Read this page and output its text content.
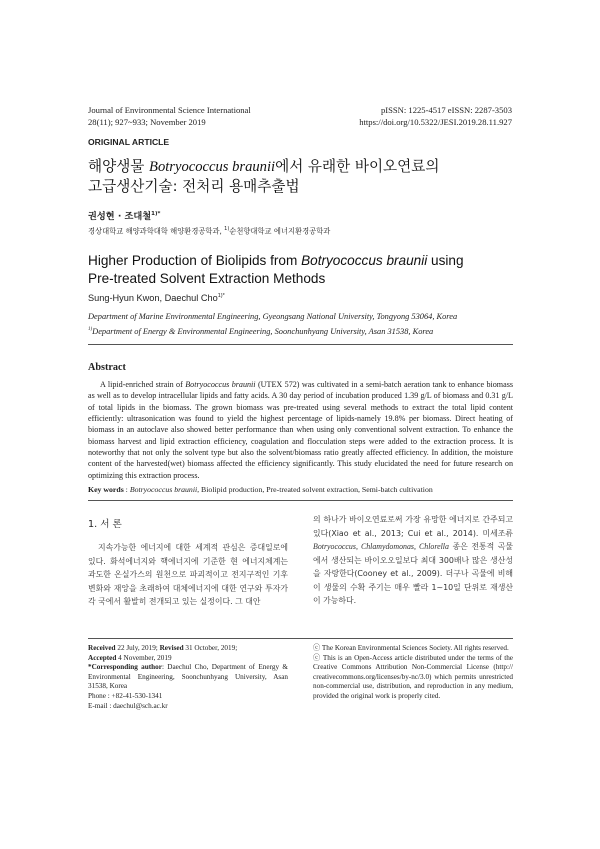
Journal of Environmental Science International
28(11); 927~933; November 2019
pISSN: 1225-4517 eISSN: 2287-3503
https://doi.org/10.5322/JESI.2019.28.11.927
ORIGINAL ARTICLE
해양생물 Botryococcus braunii에서 유래한 바이오연료의
고급생산기술: 전처리 용매추출법
권성현 · 조대철$^{1)*}$
경상대학교 해양과학대학 해양환경공학과, $^{1)}$순천향대학교 에너지환경공학과
Higher Production of Biolipids from Botryococcus braunii using
Pre-treated Solvent Extraction Methods
Sung-Hyun Kwon, Daechul Cho$^{1)*}$
Department of Marine Environmental Engineering, Gyeongsang National University, Tongyong 53064, Korea
$^{1)}$Department of Energy & Environmental Engineering, Soonchunhyang University, Asan 31538, Korea
Abstract
A lipid-enriched strain of Botryococcus braunii (UTEX 572) was cultivated in a semi-batch aeration tank to enhance biomass as well as to develop intracellular lipids and fatty acids. A 30 day period of incubation produced 1.39 g/L of biomass and 0.31 g/L of total lipids in the biomass. The grown biomass was pre-treated using several methods to extract the total lipid content efficiently: ultrasonication was found to yield the highest percentage of lipids-namely 19.8% per biomass. Direct heating of biomass in an autoclave also showed better performance than when using only conventional solvent extraction. To enhance the biomass harvest and lipid extraction efficiency, coagulation and flocculation steps were added to the extraction process. It is noteworthy that not only the solvent type but also the solvent/biomass ratio greatly affected efficiency. In addition, the moisture content of the harvested(wet) biomass affected the efficiency significantly. This study elucidated the need for future research on optimizing this extraction process.
Key words : Botryococcus braunii, Biolipid production, Pre-treated solvent extraction, Semi-batch cultivation
1. 서 론
지속가능한 에너지에 대한 세계적 관심은 증대일로에 있다. 화석에너지와 핵에너지에 기준한 현 에너지체계는 과도한 온실가스의 원천으로 파괴적이고 전지구적인 기후변화와 재앙을 초래하여 대체에너지에 대한 연구와 투자가 각 국에서 활발히 전개되고 있는 실정이다. 그 대안
의 하나가 바이오연료로써 가장 유망한 에너지로 간주되고 있다(Xiao et al., 2013; Cui et al., 2014). 미세조류 Botryococcus, Chlamydomonas, Chlorella 종은 전통적 곡물에서 생산되는 바이오오일보다 최대 300배나 많은 생산성을 자랑한다(Cooney et al., 2009). 더구나 곡물에 비해 이 생물의 수확 주기는 매우 빨라 1~10일 단위로 재생산이 가능하다.
Received 22 July, 2019; Revised 31 October, 2019;
Accepted 4 November, 2019
*Corresponding author: Daechul Cho, Department of Energy & Environmental Engineering, Soonchunhyang University, Asan 31538, Korea
Phone : +82-41-530-1341
E-mail : daechul@sch.ac.kr
ⓒ The Korean Environmental Sciences Society. All rights reserved.
ⓒ This is an Open-Access article distributed under the terms of the Creative Commons Attribution Non-Commercial License (http:// creativecommons.org/licenses/by-nc/3.0) which permits unrestricted non-commercial use, distribution, and reproduction in any medium, provided the original work is properly cited.
